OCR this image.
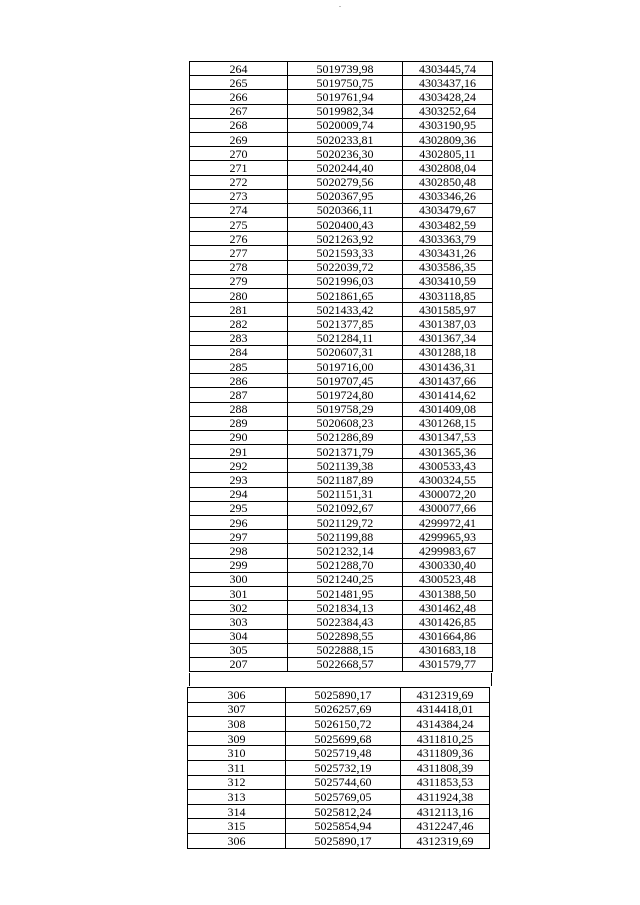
264	5019739,98	4303445,74
265	5019750,75	4303437,16
266	5019761,94	4303428,24
267	5019982,34	4303252,64
268	5020009,74	4303190,95
269	5020233,81	4302809,36
270	5020236,30	4302805,11
271	5020244,40	4302808,04
272	5020279,56	4302850,48
273	5020367,95	4303346,26
274	5020366,11	4303479,67
275	5020400,43	4303482,59
276	5021263,92	4303363,79
277	5021593,33	4303431,26
278	5022039,72	4303586,35
279	5021996,03	4303410,59
280	5021861,65	4303118,85
281	5021433,42	4301585,97
282	5021377,85	4301387,03
283	5021284,11	4301367,34
284	5020607,31	4301288,18
285	5019716,00	4301436,31
286	5019707,45	4301437,66
287	5019724,80	4301414,62
288	5019758,29	4301409,08
289	5020608,23	4301268,15
290	5021286,89	4301347,53
291	5021371,79	4301365,36
292	5021139,38	4300533,43
293	5021187,89	4300324,55
294	5021151,31	4300072,20
295	5021092,67	4300077,66
296	5021129,72	4299972,41
297	5021199,88	4299965,93
298	5021232,14	4299983,67
299	5021288,70	4300330,40
300	5021240,25	4300523,48
301	5021481,95	4301388,50
302	5021834,13	4301462,48
303	5022384,43	4301426,85
304	5022898,55	4301664,86
305	5022888,15	4301683,18
207	5022668,57	4301579,77
306	5025890,17	4312319,69
307	5026257,69	4314418,01
308	5026150,72	4314384,24
309	5025699,68	4311810,25
310	5025719,48	4311809,36
311	5025732,19	4311808,39
312	5025744,60	4311853,53
313	5025769,05	4311924,38
314	5025812,24	4312113,16
315	5025854,94	4312247,46
306	5025890,17	4312319,69
